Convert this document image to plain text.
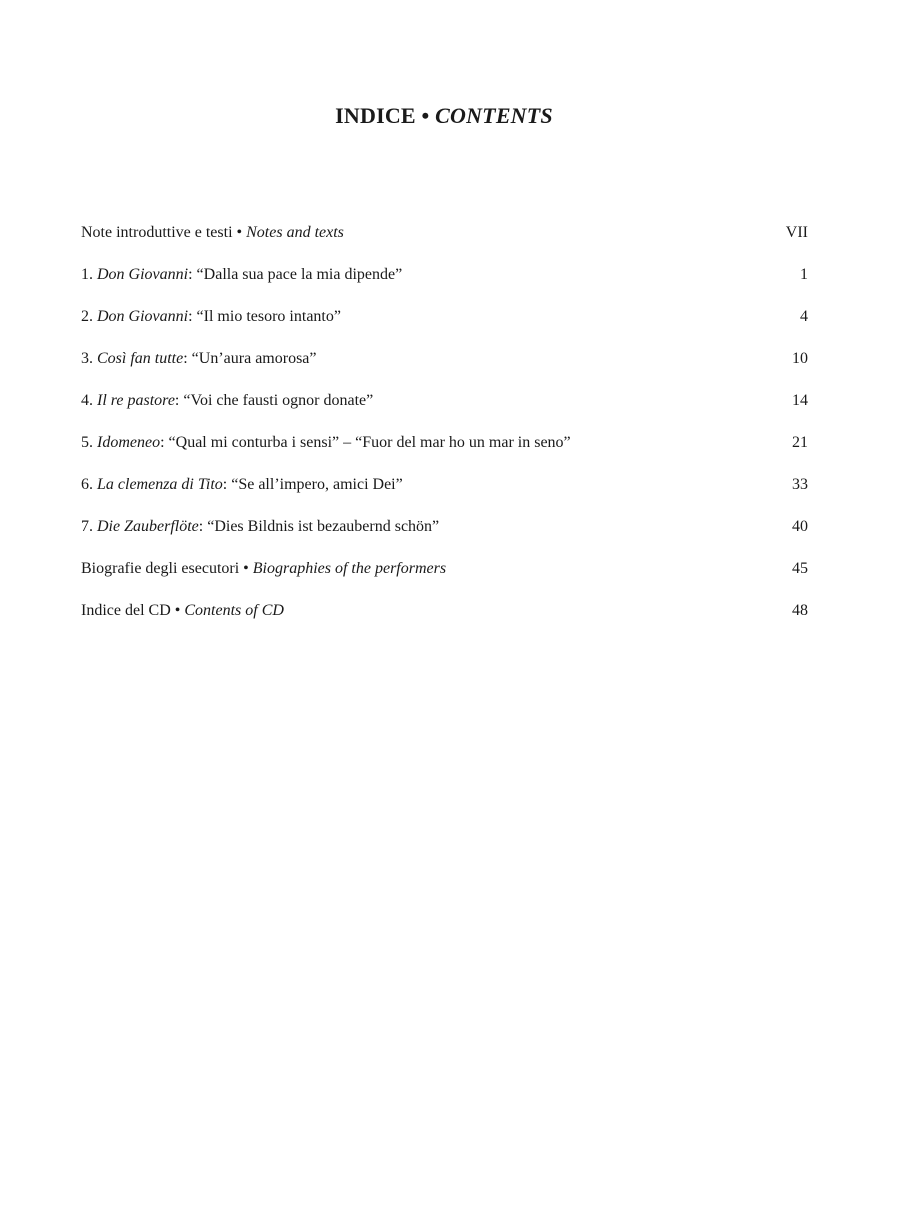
INDICE • CONTENTS
Note introduttive e testi • Notes and texts	VII
1. Don Giovanni: “Dalla sua pace la mia dipende”	1
2. Don Giovanni: “Il mio tesoro intanto”	4
3. Così fan tutte: “Un’aura amorosa”	10
4. Il re pastore: “Voi che fausti ognor donate”	14
5. Idomeneo: “Qual mi conturba i sensi” – “Fuor del mar ho un mar in seno”	21
6. La clemenza di Tito: “Se all’impero, amici Dei”	33
7. Die Zauberflöte: “Dies Bildnis ist bezaubernd schön”	40
Biografie degli esecutori • Biographies of the performers	45
Indice del CD • Contents of CD	48
